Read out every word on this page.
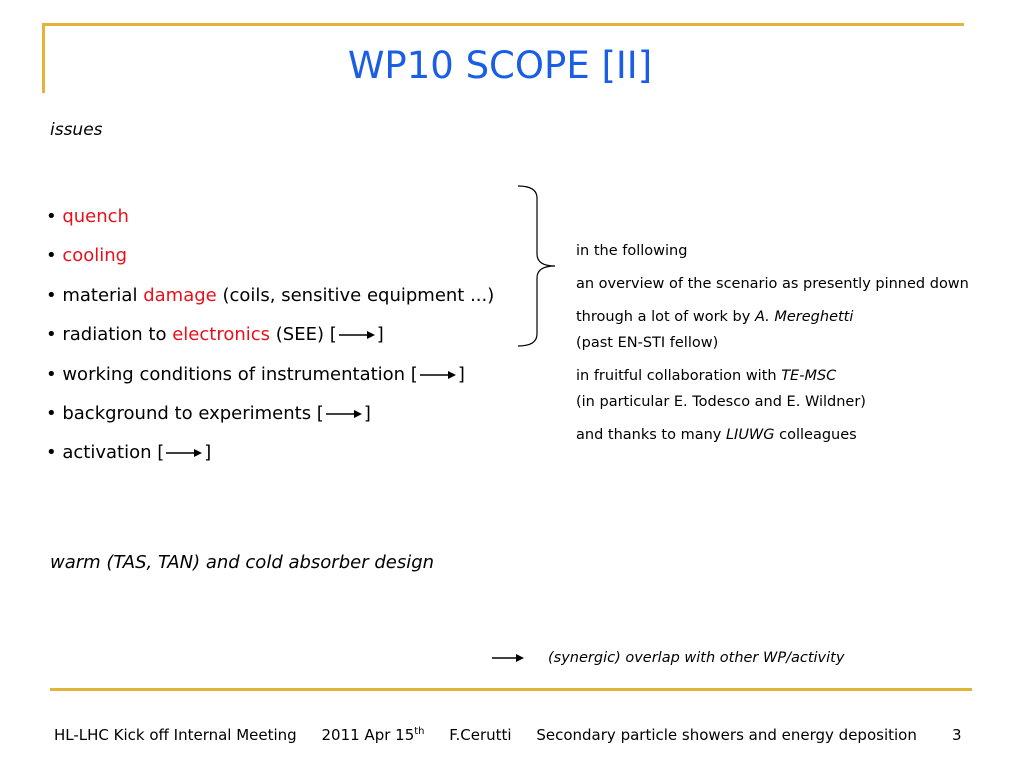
WP10 SCOPE [II]
issues
• quench
• cooling
• material damage (coils, sensitive equipment ...)
• radiation to electronics (SEE) [ ]
• working conditions of instrumentation [ ]
• background to experiments [ ]
• activation [ ]
in the following
an overview of the scenario as presently pinned down
through a lot of work by A. Mereghetti
(past EN-STI fellow)
in fruitful collaboration with TE-MSC
(in particular E. Todesco and E. Wildner)
and thanks to many LIUWG colleagues
warm (TAS, TAN) and cold absorber design
(synergic) overlap with other WP/activity
HL-LHC Kick off Internal Meeting 2011 Apr 15th F.Cerutti Secondary particle showers and energy deposition	3
